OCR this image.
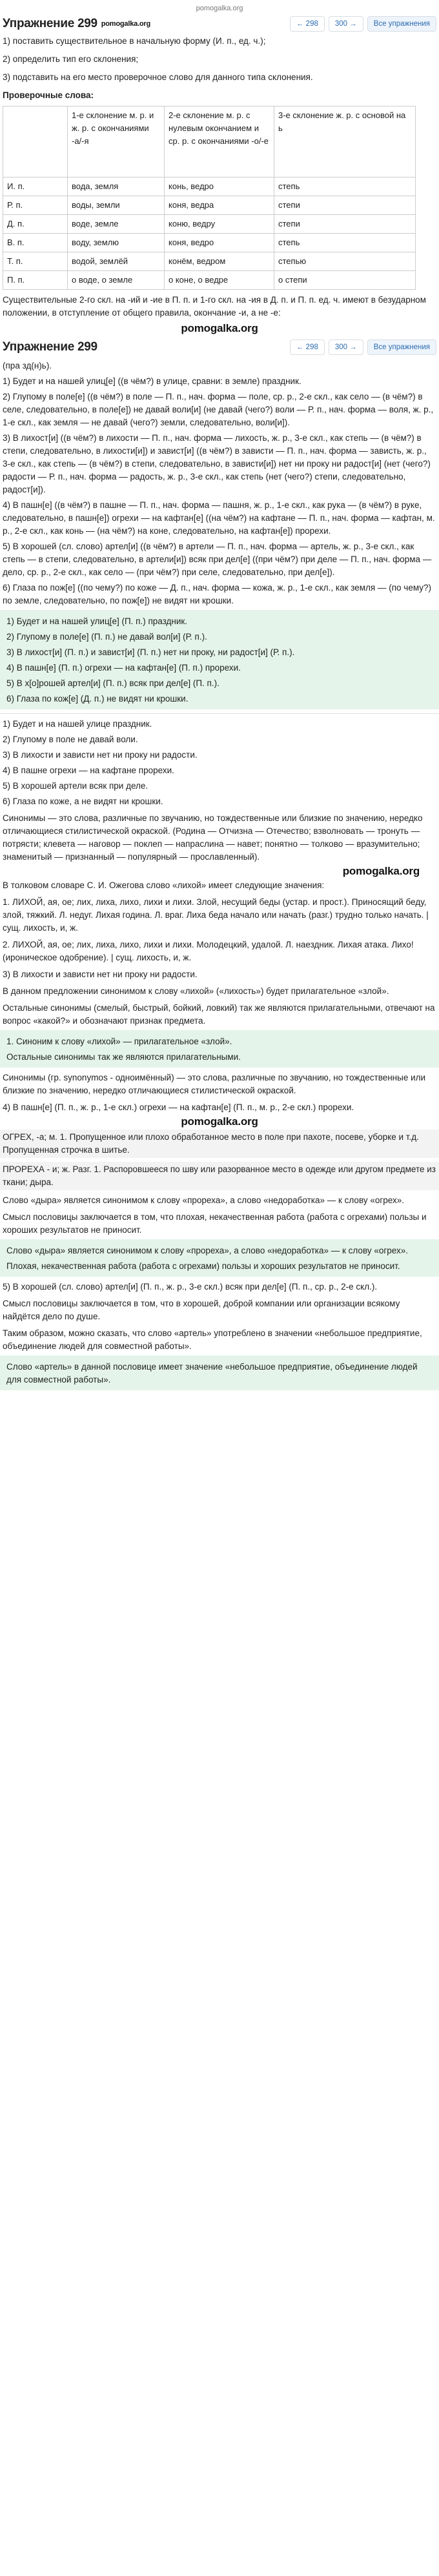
pomogalka.org
Упражнение 299 pomogalka.org	← 298	300 →	Все упражнения
1) поставить существительное в начальную форму (И. п., ед. ч.);
2) определить тип его склонения;
3) подставить на его место проверочное слово для данного типа склонения.
Проверочные слова:
	1-е склонение м. р. и ж. р. с окончаниями -а/-я	2-е склонение м. р. с нулевым окончанием и ср. р. с окончаниями -о/-е	3-е склонение ж. р. с основой на ь
И. п.	вода, земля	конь, ведро	степь
Р. п.	воды, земли	коня, ведра	степи
Д. п.	воде, земле	коню, ведру	степи
В. п.	воду, землю	коня, ведро	степь
Т. п.	водой, землёй	конём, ведром	степью
П. п.	о воде, о земле	о коне, о ведре	о степи
Существительные 2-го скл. на -ий и -ие в П. п. и 1-го скл. на -ия в Д. п. и П. п. ед. ч. имеют в безударном положении, в отступление от общего правила, окончание -и, а не -е:
pomogalka.org
Упражнение 299	← 298	300 →	Все упражнения
(пра зд(н)ь).
1) Будет и на нашей улиц[e] ((в чём?) в улице, сравни: в земле) праздник.
2) Глупому в поле[e] ((в чём?) в поле — П. п., нач. форма — поле, ср. р., 2-е скл., как село — (в чём?) в селе, следовательно, в поле[e]) не давай воли[и] (не давай (чего?) воли — Р. п., нач. форма — воля, ж. р., 1-е скл., как земля — не давай (чего?) земли, следовательно, воли[и]).
3) В лихост[и] ((в чём?) в лихости — П. п., нач. форма — лихость, ж. р., 3-е скл., как степь — (в чём?) в степи, следовательно, в лихости[и]) и завист[и] ((в чём?) в зависти — П. п., нач. форма — зависть, ж. р., 3-е скл., как степь — (в чём?) в степи, следовательно, в зависти[и]) нет ни проку ни радост[и] (нет (чего?) радости — Р. п., нач. форма — радость, ж. р., 3-е скл., как степь (нет (чего?) степи, следовательно, радост[и]).
4) В пашн[e] ((в чём?) в пашне — П. п., нач. форма — пашня, ж. р., 1-е скл., как рука — (в чём?) в руке, следовательно, в пашн[e]) огрехи — на кафтан[e] ((на чём?) на кафтане — П. п., нач. форма — кафтан, м. р., 2-е скл., как конь — (на чём?) на коне, следовательно, на кафтан[e]) прорехи.
5) В хорошей (сл. слово) артел[и] ((в чём?) в артели — П. п., нач. форма — артель, ж. р., 3-е скл., как степь — в степи, следовательно, в артели[и]) всяк при дел[e] ((при чём?) при деле — П. п., нач. форма — дело, ср. р., 2-е скл., как село — (при чём?) при селе, следовательно, при дел[e]).
6) Глаза по пож[e] ((по чему?) по коже — Д. п., нач. форма — кожа, ж. р., 1-е скл., как земля — (по чему?) по земле, следовательно, по пож[e]) не видят ни крошки.
1) Будет и на нашей улиц[e] (П. п.) праздник.
2) Глупому в поле[e] (П. п.) не давай вол[и] (Р. п.).
3) В лихост[и] (П. п.) и завист[и] (П. п.) нет ни проку, ни радост[и] (Р. п.).
4) В пашн[e] (П. п.) огрехи — на кафтан[e] (П. п.) прорехи.
5) В х[о]рошей артел[и] (П. п.) всяк при дел[e] (П. п.).
6) Глаза по кож[e] (Д. п.) не видят ни крошки.
1) Будет и на нашей улице праздник.
2) Глупому в поле не давай воли.
3) В лихости и зависти нет ни проку ни радости.
4) В пашне огрехи — на кафтане прорехи.
5) В хорошей артели всяк при деле.
6) Глаза по коже, а не видят ни крошки.
Синонимы — это слова, различные по звучанию, но тождественные или близкие по значению, нередко отличающиеся стилистической окраской. (Родина — Отчизна — Отечество; взволновать — тронуть — потрясти; клевета — наговор — поклеп — напраслина — навет; понятно — толково — вразумительно; знаменитый — признанный — популярный — прославленный).
pomogalka.org
В толковом словаре С. И. Ожегова слово «лихой» имеет следующие значения:
1. ЛИХОЙ, ая, ое; лих, лиха, лихо, лихи и лихи. Злой, несущий беды (устар. и прост.). Приносящий беду, злой, тяжкий. Л. недуг. Лихая година. Л. враг. Лиха беда начало или начать (разг.) трудно только начать. | сущ. лихость, и, ж.
2. ЛИХОЙ, ая, ое; лих, лиха, лихо, лихи и лихи. Молодецкий, удалой. Л. наездник. Лихая атака. Лихо! (ироническое одобрение). | сущ. лихость, и, ж.
3) В лихости и зависти нет ни проку ни радости.
В данном предложении синонимом к слову «лихой» («лихость») будет прилагательное «злой».
Остальные синонимы (смелый, быстрый, бойкий, ловкий) так же являются прилагательными, отвечают на вопрос «какой?» и обозначают признак предмета.
1. Синоним к слову «лихой» — прилагательное «злой».
Остальные синонимы так же являются прилагательными.
Синонимы (гр. synonymos - одноимённый) — это слова, различные по звучанию, но тождественные или близкие по значению, нередко отличающиеся стилистической окраской.
4) В пашн[e] (П. п., ж. р., 1-е скл.) огрехи — на кафтан[e] (П. п., м. р., 2-е скл.) прорехи.
pomogalka.org
ОГРЕХ, -а; м. 1. Пропущенное или плохо обработанное место в поле при пахоте, посеве, уборке и т.д. Пропущенная строчка в шитье.
ПРОРЕХА - и; ж. Разг. 1. Распоровшееся по шву или разорванное место в одежде или другом предмете из ткани; дыра.
Слово «дыра» является синонимом к слову «прореха», а слово «недоработка» — к слову «огрех».
Смысл пословицы заключается в том, что плохая, некачественная работа (работа с огрехами) пользы и хороших результатов не приносит.
Слово «дыра» является синонимом к слову «прореха», а слово «недоработка» — к слову «огрех».
Плохая, некачественная работа (работа с огрехами) пользы и хороших результатов не приносит.
5) В хорошей (сл. слово) артел[и] (П. п., ж. р., 3-е скл.) всяк при дел[e] (П. п., ср. р., 2-е скл.).
Смысл пословицы заключается в том, что в хорошей, доброй компании или организации всякому найдётся дело по душе.
Таким образом, можно сказать, что слово «артель» употреблено в значении «небольшое предприятие, объединение людей для совместной работы».
Слово «артель» в данной пословице имеет значение «небольшое предприятие, объединение людей для совместной работы».
